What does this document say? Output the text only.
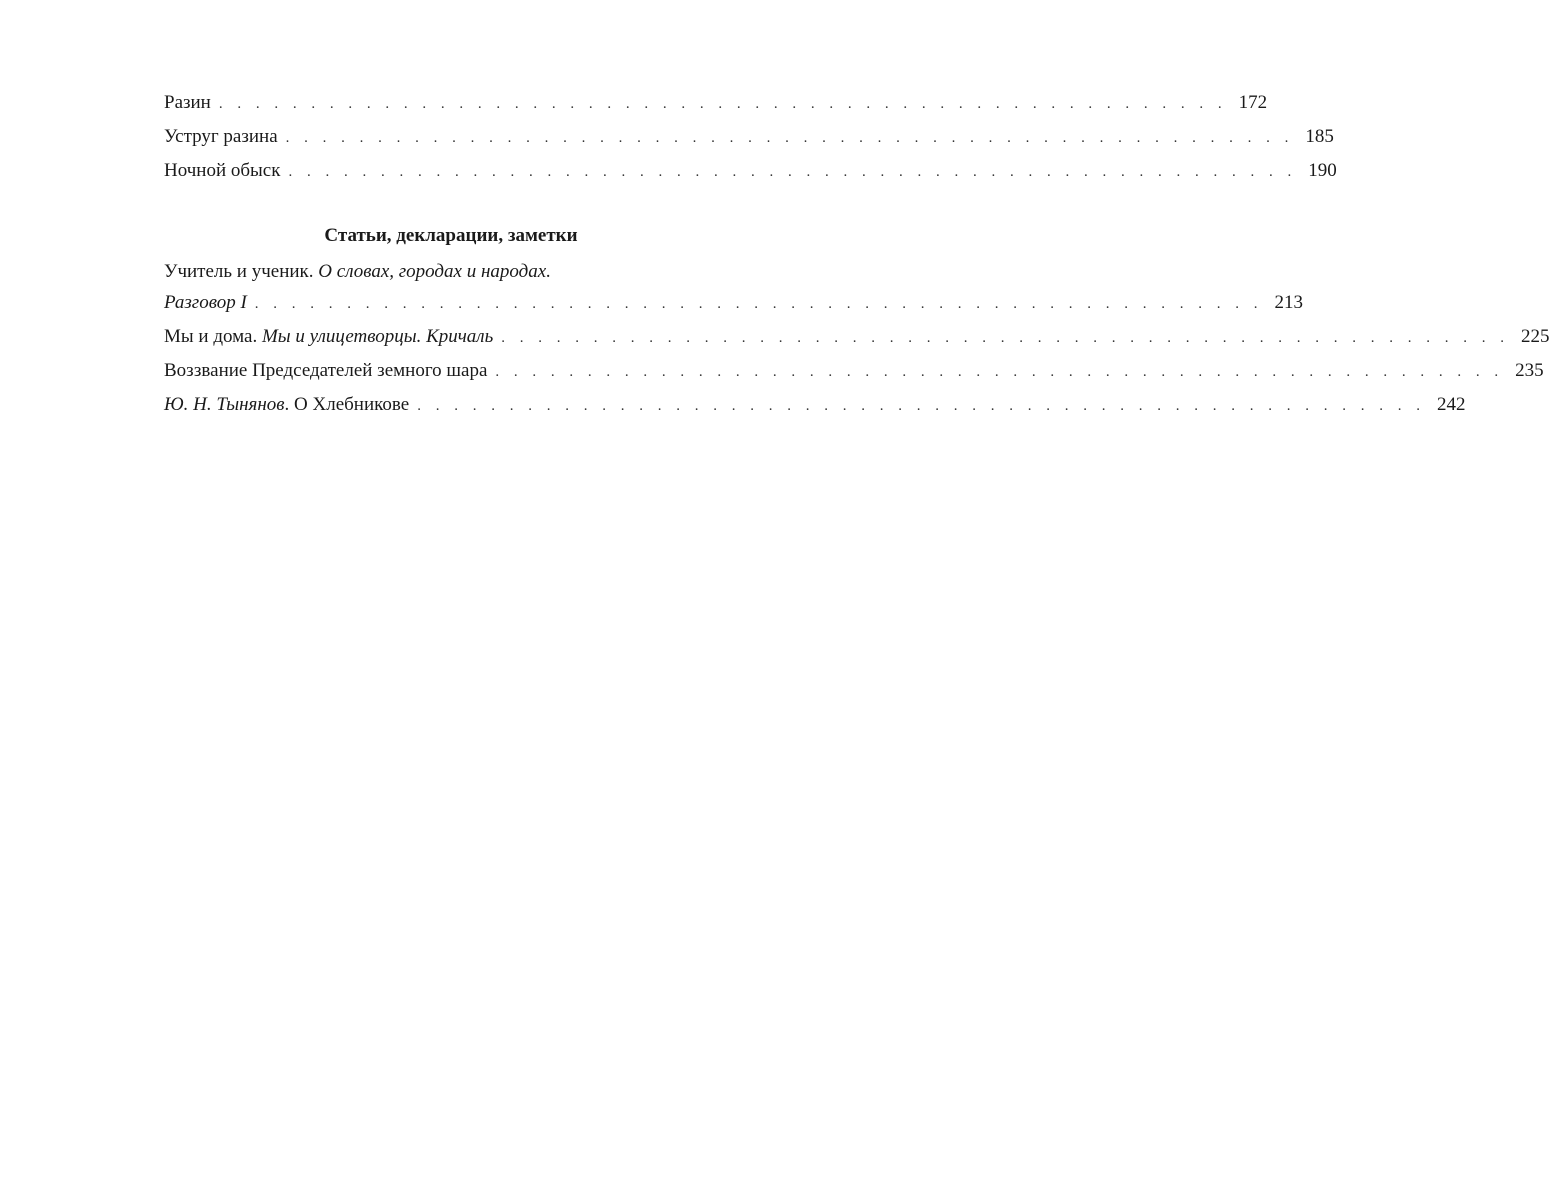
Разин . . . . . . . . . . . . . . . . . . . . . . . . . . . . . . . . . . . . . . . . . . . . . . . . . . . . . . . 172
Уструг разина . . . . . . . . . . . . . . . . . . . . . . . . . . . . . . . . . . . . . . . . . . . . . . . . . . . . . . . 185
Ночной обыск . . . . . . . . . . . . . . . . . . . . . . . . . . . . . . . . . . . . . . . . . . . . . . . . . . . . . . . 190
Статьи, декларации, заметки
Учитель и ученик. О словах, городах и народах.
Разговор I . . . . . . . . . . . . . . . . . . . . . . . . . . . . . . . . . . . . . . . . . . . . . . . . . . . . . . . 213
Мы и дома. Мы и улицетворцы. Кричаль . . . . . . . . . . . . . . . . . . . . . . . . . . . . . . . . . . . . . . . . . . . . . . . . . . . . . . . 225
Воззвание Председателей земного шара . . . . . . . . . . . . . . . . . . . . . . . . . . . . . . . . . . . . . . . . . . . . . . . . . . . . . . . 235
Ю. Н. Тынянов. О Хлебникове . . . . . . . . . . . . . . . . . . . . . . . . . . . . . . . . . . . . . . . . . . . . . . . . . . . . . . . 242
